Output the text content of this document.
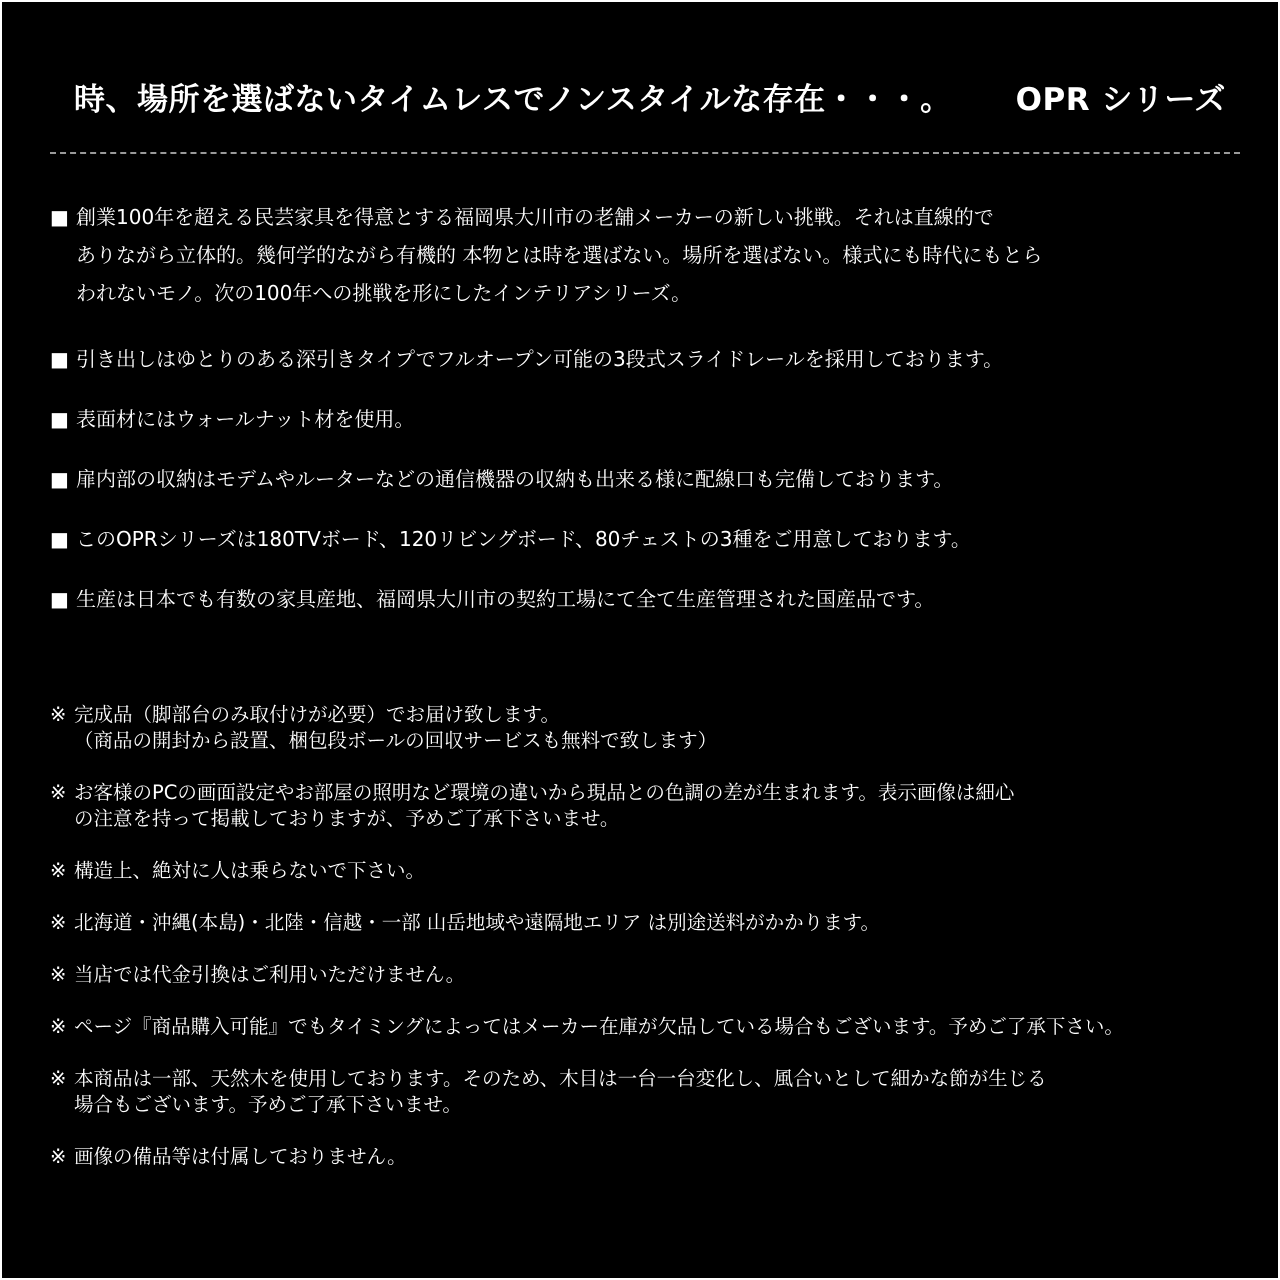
時、場所を選ばないタイムレスでノンスタイルな存在・・・。 OPR シリーズ
■ 創業100年を超える民芸家具を得意とする福岡県大川市の老舗メーカーの新しい挑戦。それは直線的で
ありながら立体的。幾何学的ながら有機的 本物とは時を選ばない。場所を選ばない。様式にも時代にもとら
われないモノ。次の100年への挑戦を形にしたインテリアシリーズ。
■ 引き出しはゆとりのある深引きタイプでフルオープン可能の3段式スライドレールを採用しております。
■ 表面材にはウォールナット材を使用。
■ 扉内部の収納はモデムやルーターなどの通信機器の収納も出来る様に配線口も完備しております。
■ このOPRシリーズは180TVボード、120リビングボード、80チェストの3種をご用意しております。
■ 生産は日本でも有数の家具産地、福岡県大川市の契約工場にて全て生産管理された国産品です。
※ 完成品（脚部台のみ取付けが必要）でお届け致します。
（商品の開封から設置、梱包段ボールの回収サービスも無料で致します）
※ お客様のPCの画面設定やお部屋の照明など環境の違いから現品との色調の差が生まれます。表示画像は細心
の注意を持って掲載しておりますが、予めご了承下さいませ。
※ 構造上、絶対に人は乗らないで下さい。
※ 北海道・沖縄(本島)・北陸・信越・一部 山岳地域や遠隔地エリア は別途送料がかかります。
※ 当店では代金引換はご利用いただけません。
※ ページ『商品購入可能』でもタイミングによってはメーカー在庫が欠品している場合もございます。予めご了承下さい。
※ 本商品は一部、天然木を使用しております。そのため、木目は一台一台変化し、風合いとして細かな節が生じる
場合もございます。予めご了承下さいませ。
※ 画像の備品等は付属しておりません。
